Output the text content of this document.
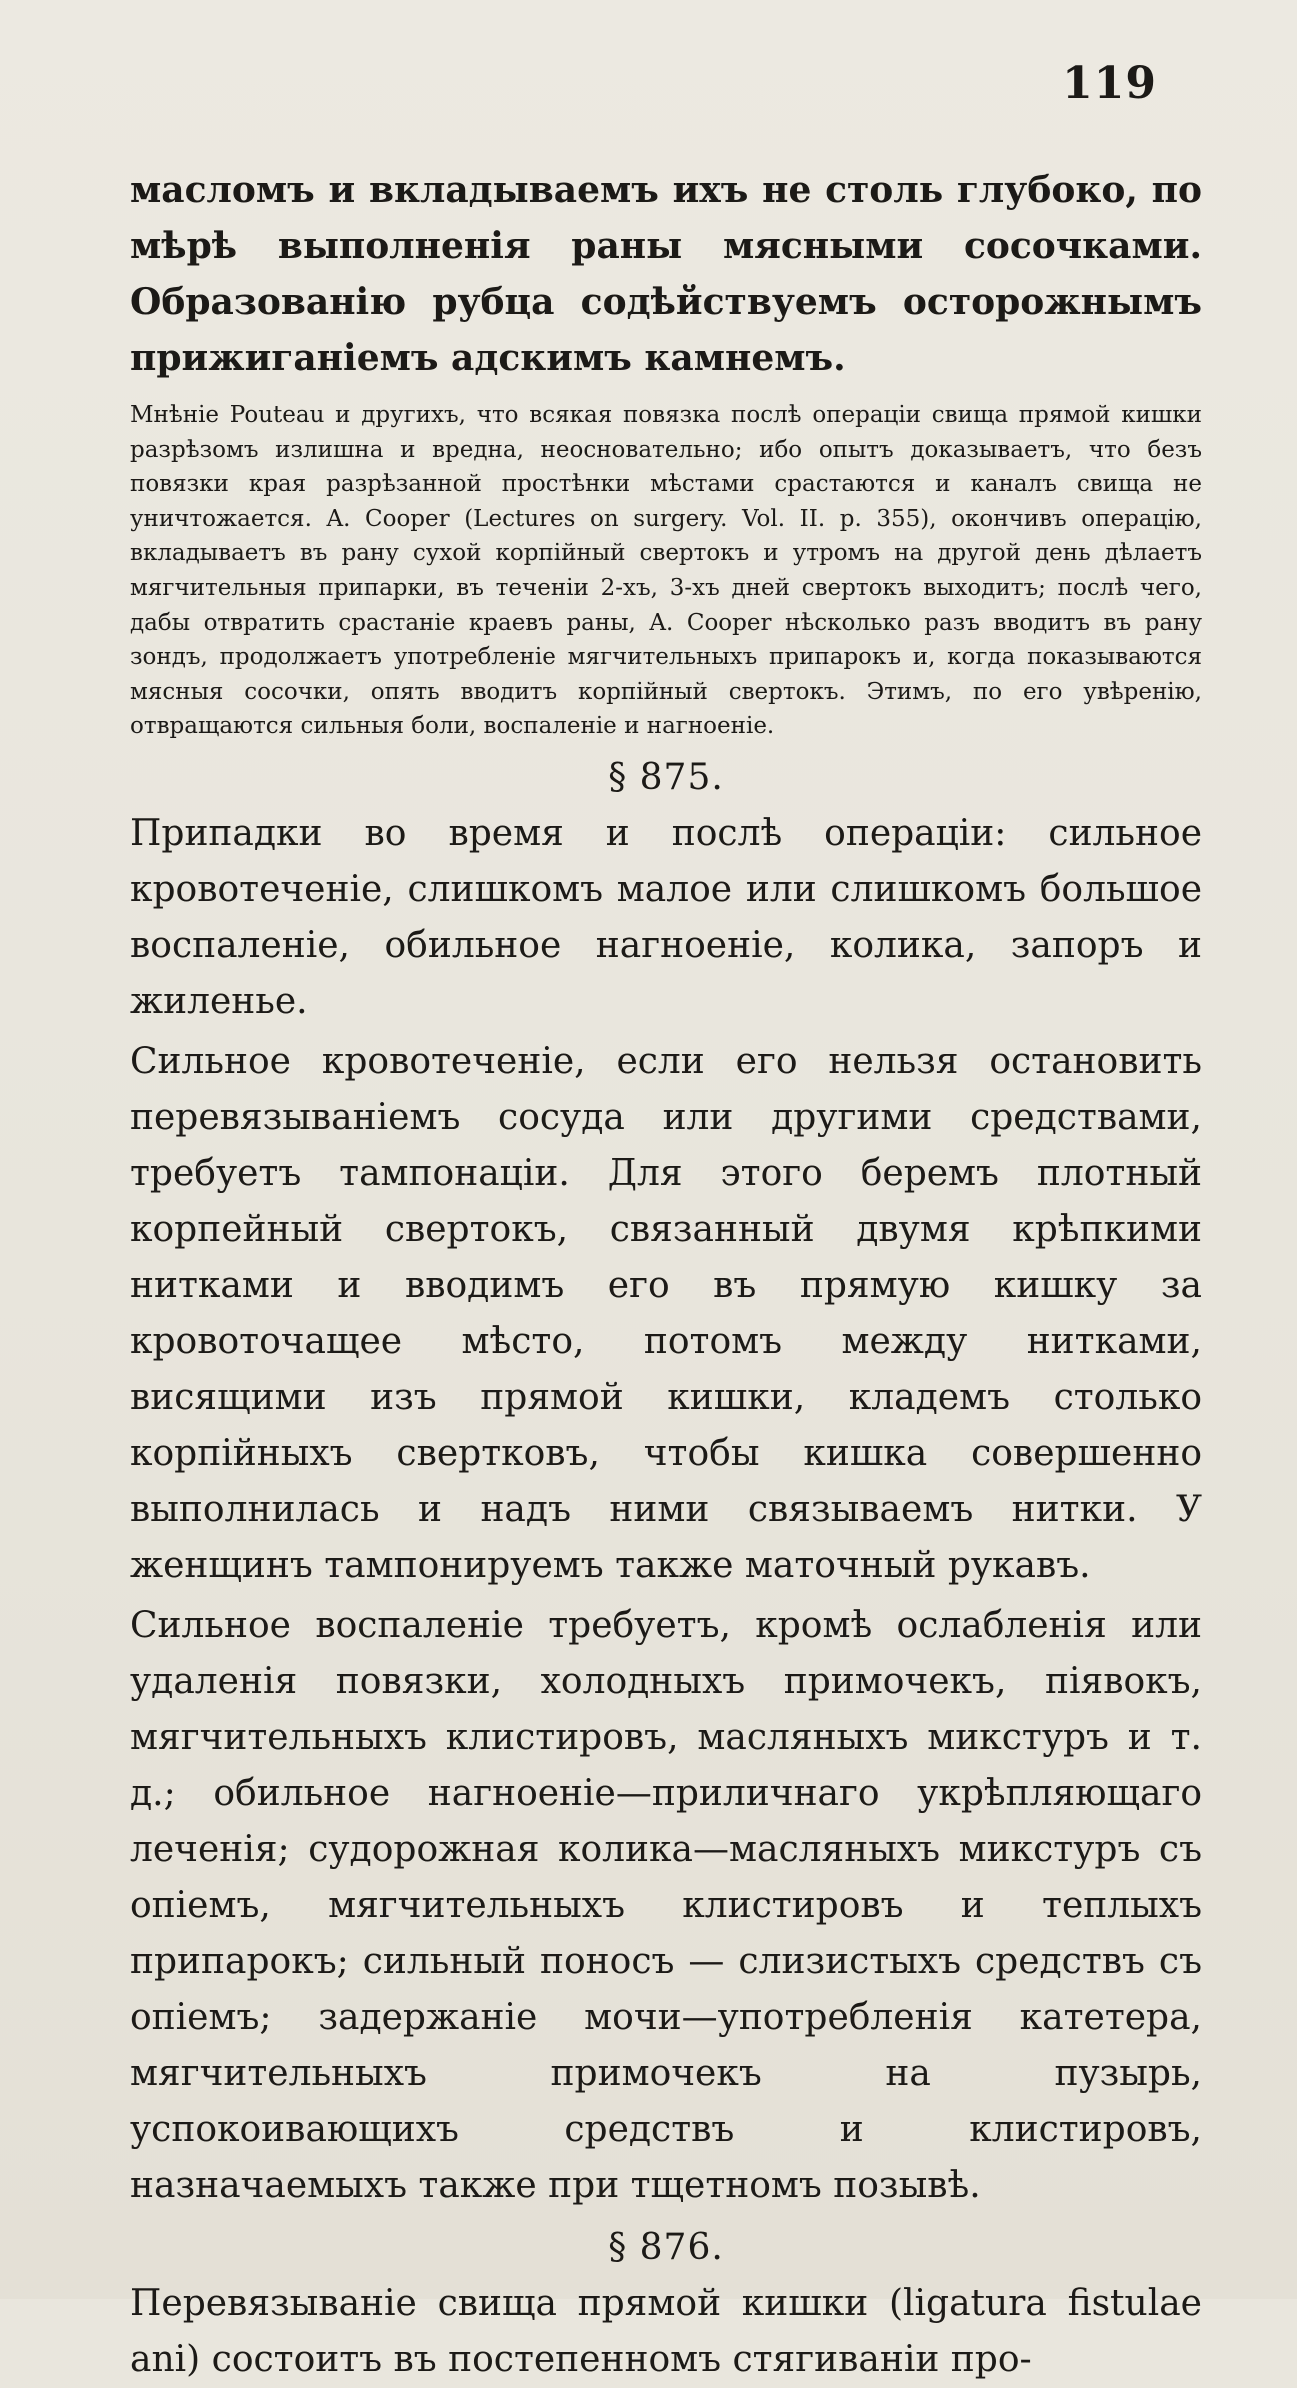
119

масломъ и вкладываемъ ихъ не столь глубоко, по мѣрѣ выполненія раны мясными сосочками. Образованію рубца содѣйствуемъ осторожнымъ прижиганіемъ адскимъ камнемъ.

Мнѣніе Pouteau и другихъ, что всякая повязка послѣ операціи свища прямой кишки разрѣзомъ излишна и вредна, неосновательно; ибо опытъ доказываетъ, что безъ повязки края разрѣзанной простѣнки мѣстами срастаются и каналъ свища не уничтожается. A. Cooper (Lectures on surgery. Vol. II. p. 355), окончивъ операцію, вкладываетъ въ рану сухой корпійный свертокъ и утромъ на другой день дѣлаетъ мягчительныя припарки, въ теченіи 2-хъ, 3-хъ дней свертокъ выходитъ; послѣ чего, дабы отвратить срастаніе краевъ раны, A. Cooper нѣсколько разъ вводитъ въ рану зондъ, продолжаетъ употребленіе мягчительныхъ припарокъ и, когда показываются мясныя сосочки, опять вводитъ корпійный свертокъ. Этимъ, по его увѣренію, отвращаются сильныя боли, воспаленіе и нагноеніе.

§ 875.

Припадки во время и послѣ операціи: сильное кровотеченіе, слишкомъ малое или слишкомъ большое воспаленіе, обильное нагноеніе, колика, запоръ и жиленье.

Сильное кровотеченіе, если его нельзя остановить перевязываніемъ сосуда или другими средствами, требуетъ тампонаціи. Для этого беремъ плотный корпейный свертокъ, связанный двумя крѣпкими нитками и вводимъ его въ прямую кишку за кровоточащее мѣсто, потомъ между нитками, висящими изъ прямой кишки, кладемъ столько корпійныхъ свертковъ, чтобы кишка совершенно выполнилась и надъ ними связываемъ нитки. У женщинъ тампонируемъ также маточный рукавъ.

Сильное воспаленіе требуетъ, кромѣ ослабленія или удаленія повязки, холодныхъ примочекъ, піявокъ, мягчительныхъ клистировъ, масляныхъ микстуръ и т. д.; обильное нагноеніе—приличнаго укрѣпляющаго леченія; судорожная колика—масляныхъ микстуръ съ опіемъ, мягчительныхъ клистировъ и теплыхъ припарокъ; сильный поносъ — слизистыхъ средствъ съ опіемъ; задержаніе мочи—употребленія катетера, мягчительныхъ примочекъ на пузырь, успокоивающихъ средствъ и клистировъ, назначаемыхъ также при тщетномъ позывѣ.

§ 876.

Перевязываніе свища прямой кишки (ligatura fistulae ani) состоитъ въ постепенномъ стягиваніи про-
